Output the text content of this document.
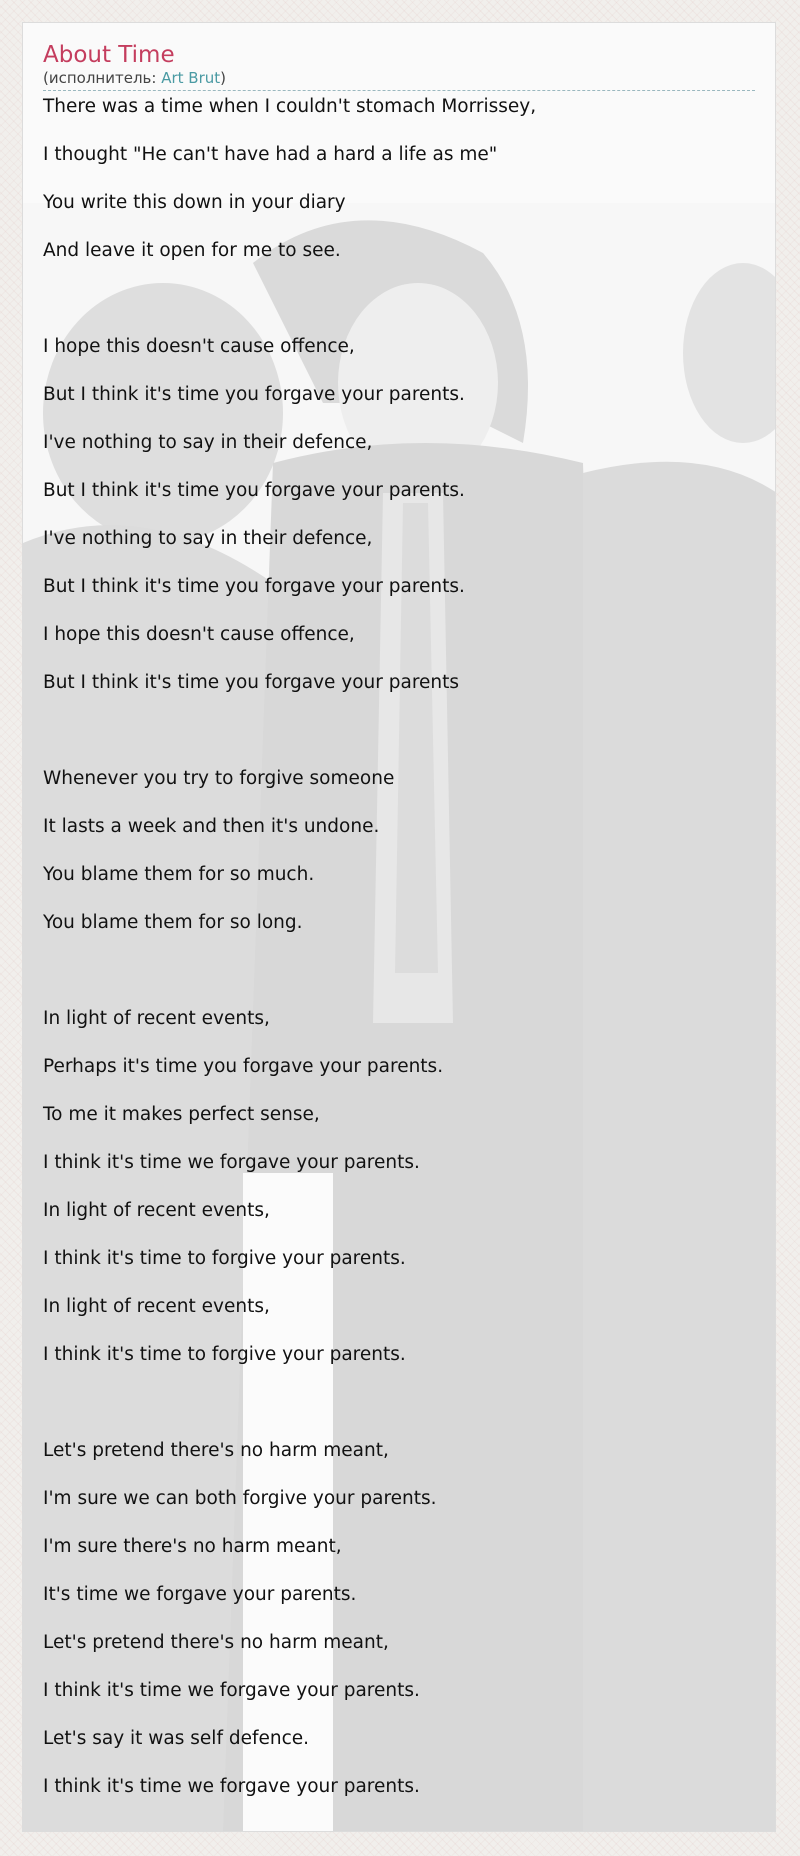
About Time
(исполнитель: Art Brut)
There was a time when I couldn't stomach Morrissey,
I thought "He can't have had a hard a life as me"
You write this down in your diary
And leave it open for me to see.
I hope this doesn't cause offence,
But I think it's time you forgave your parents.
I've nothing to say in their defence,
But I think it's time you forgave your parents.
I've nothing to say in their defence,
But I think it's time you forgave your parents.
I hope this doesn't cause offence,
But I think it's time you forgave your parents
Whenever you try to forgive someone
It lasts a week and then it's undone.
You blame them for so much.
You blame them for so long.
In light of recent events,
Perhaps it's time you forgave your parents.
To me it makes perfect sense,
I think it's time we forgave your parents.
In light of recent events,
I think it's time to forgive your parents.
In light of recent events,
I think it's time to forgive your parents.
Let's pretend there's no harm meant,
I'm sure we can both forgive your parents.
I'm sure there's no harm meant,
It's time we forgave your parents.
Let's pretend there's no harm meant,
I think it's time we forgave your parents.
Let's say it was self defence.
I think it's time we forgave your parents.
